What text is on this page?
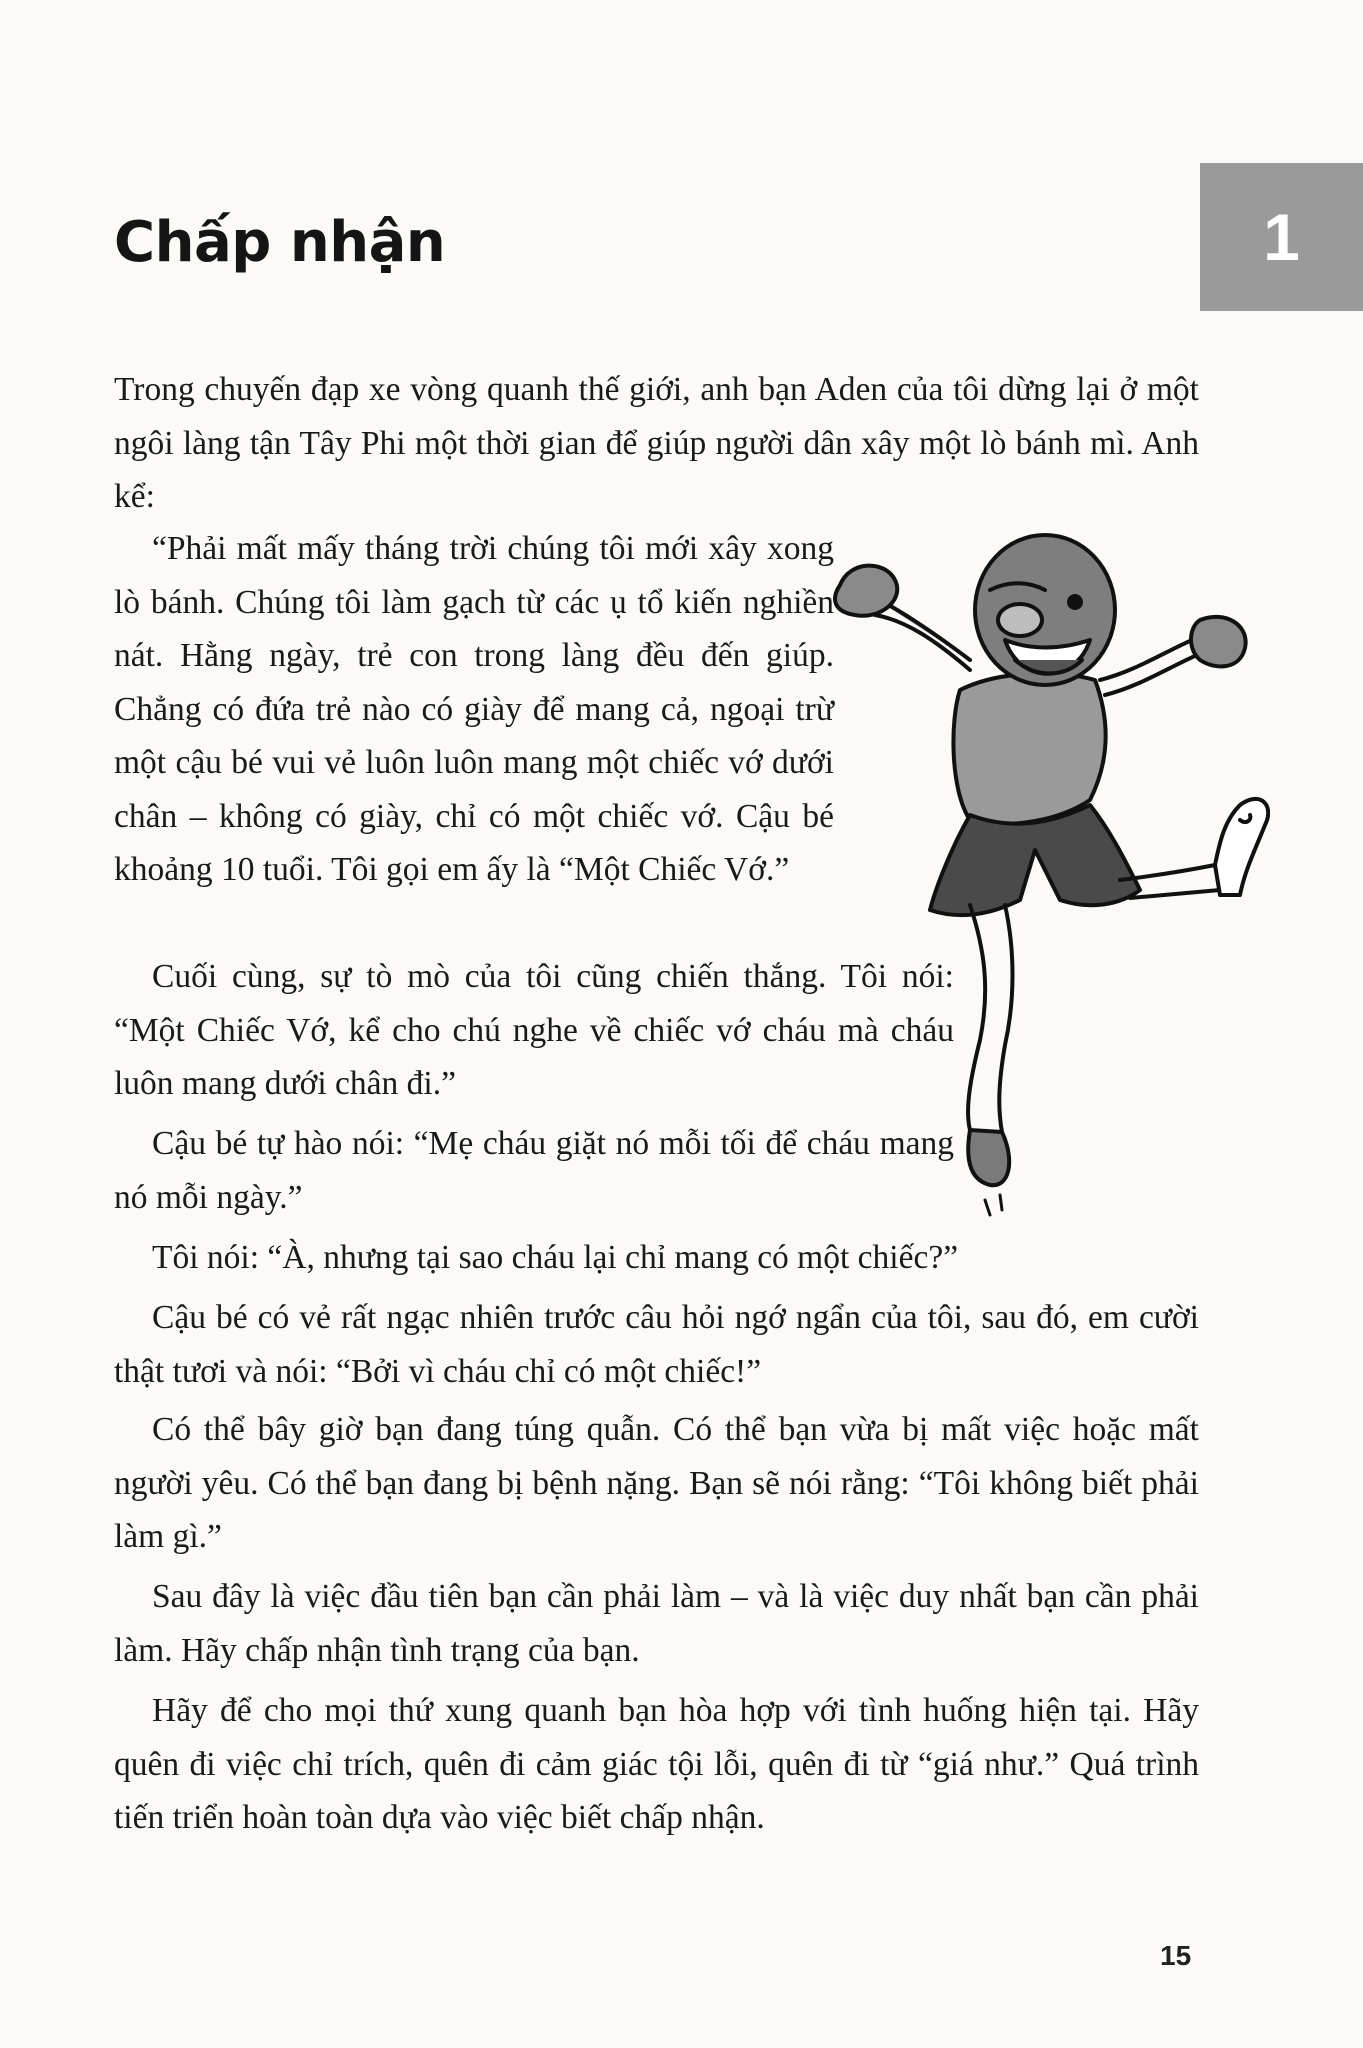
1
Chấp nhận

Trong chuyến đạp xe vòng quanh thế giới, anh bạn Aden của tôi dừng lại ở một ngôi làng tận Tây Phi một thời gian để giúp người dân xây một lò bánh mì. Anh kể:

“Phải mất mấy tháng trời chúng tôi mới xây xong lò bánh. Chúng tôi làm gạch từ các ụ tổ kiến nghiền nát. Hằng ngày, trẻ con trong làng đều đến giúp. Chẳng có đứa trẻ nào có giày để mang cả, ngoại trừ một cậu bé vui vẻ luôn luôn mang một chiếc vớ dưới chân – không có giày, chỉ có một chiếc vớ. Cậu bé khoảng 10 tuổi. Tôi gọi em ấy là “Một Chiếc Vớ.”

Cuối cùng, sự tò mò của tôi cũng chiến thắng. Tôi nói: “Một Chiếc Vớ, kể cho chú nghe về chiếc vớ cháu mà cháu luôn mang dưới chân đi.”

Cậu bé tự hào nói: “Mẹ cháu giặt nó mỗi tối để cháu mang nó mỗi ngày.”

Tôi nói: “À, nhưng tại sao cháu lại chỉ mang có một chiếc?”

Cậu bé có vẻ rất ngạc nhiên trước câu hỏi ngớ ngẩn của tôi, sau đó, em cười thật tươi và nói: “Bởi vì cháu chỉ có một chiếc!”

Có thể bây giờ bạn đang túng quẫn. Có thể bạn vừa bị mất việc hoặc mất người yêu. Có thể bạn đang bị bệnh nặng. Bạn sẽ nói rằng: “Tôi không biết phải làm gì.”

Sau đây là việc đầu tiên bạn cần phải làm – và là việc duy nhất bạn cần phải làm. Hãy chấp nhận tình trạng của bạn.

Hãy để cho mọi thứ xung quanh bạn hòa hợp với tình huống hiện tại. Hãy quên đi việc chỉ trích, quên đi cảm giác tội lỗi, quên đi từ “giá như.” Quá trình tiến triển hoàn toàn dựa vào việc biết chấp nhận.

15
